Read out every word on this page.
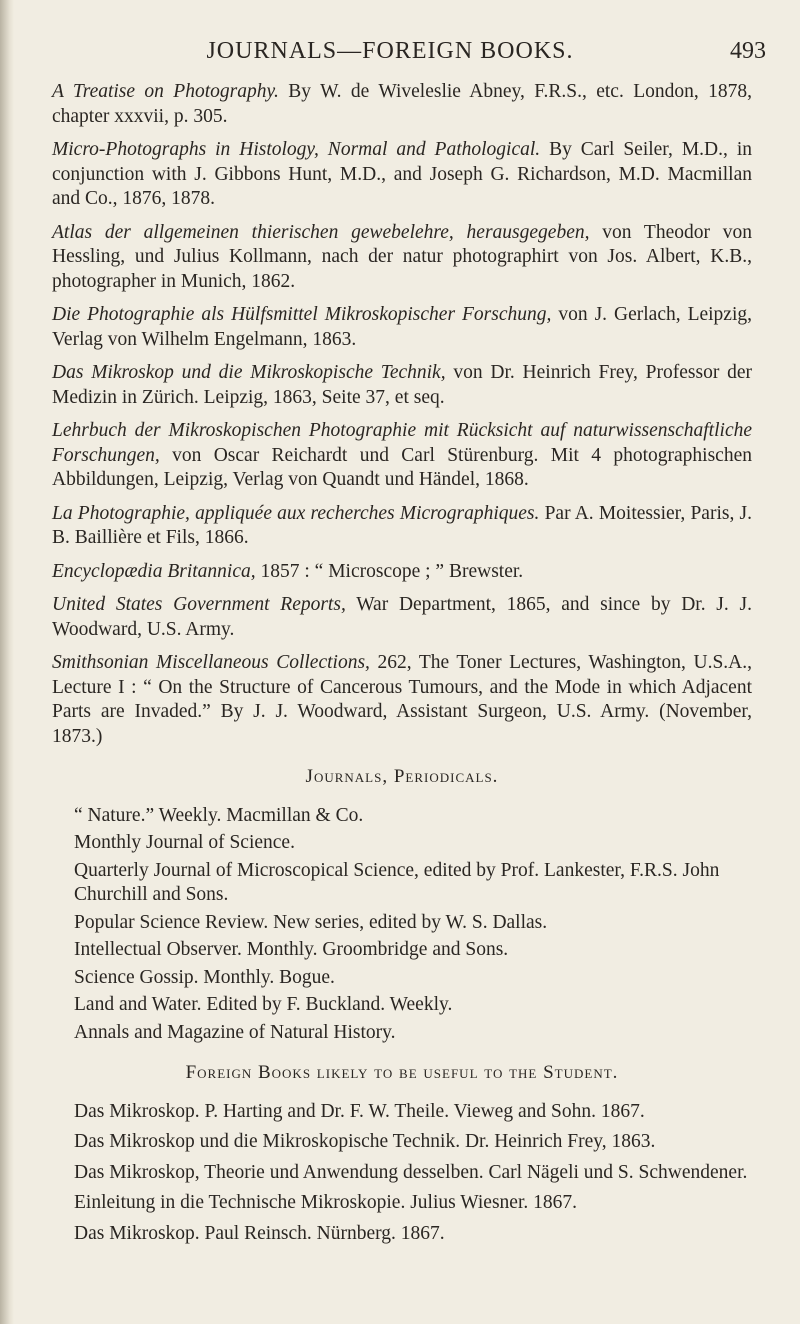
JOURNALS—FOREIGN BOOKS.	493

A Treatise on Photography. By W. de Wiveleslie Abney, F.R.S., etc. London, 1878, chapter xxxvii, p. 305.

Micro-Photographs in Histology, Normal and Pathological. By Carl Seiler, M.D., in conjunction with J. Gibbons Hunt, M.D., and Joseph G. Richardson, M.D. Macmillan and Co., 1876, 1878.

Atlas der allgemeinen thierischen gewebelehre, herausgegeben, von Theodor von Hessling, und Julius Kollmann, nach der natur photographirt von Jos. Albert, K.B., photographer in Munich, 1862.

Die Photographie als Hülfsmittel Mikroskopischer Forschung, von J. Gerlach, Leipzig, Verlag von Wilhelm Engelmann, 1863.

Das Mikroskop und die Mikroskopische Technik, von Dr. Heinrich Frey, Professor der Medizin in Zürich. Leipzig, 1863, Seite 37, et seq.

Lehrbuch der Mikroskopischen Photographie mit Rücksicht auf naturwissenschaftliche Forschungen, von Oscar Reichardt und Carl Stürenburg. Mit 4 photographischen Abbildungen, Leipzig, Verlag von Quandt und Händel, 1868.

La Photographie, appliquée aux recherches Micrographiques. Par A. Moitessier, Paris, J. B. Baillière et Fils, 1866.

Encyclopædia Britannica, 1857 : “ Microscope ; ” Brewster.

United States Government Reports, War Department, 1865, and since by Dr. J. J. Woodward, U.S. Army.

Smithsonian Miscellaneous Collections, 262, The Toner Lectures, Washington, U.S.A., Lecture I : “ On the Structure of Cancerous Tumours, and the Mode in which Adjacent Parts are Invaded.” By J. J. Woodward, Assistant Surgeon, U.S. Army. (November, 1873.)

Journals, Periodicals.

“ Nature.” Weekly. Macmillan & Co.

Monthly Journal of Science.

Quarterly Journal of Microscopical Science, edited by Prof. Lankester, F.R.S. John Churchill and Sons.

Popular Science Review. New series, edited by W. S. Dallas.

Intellectual Observer. Monthly. Groombridge and Sons.

Science Gossip. Monthly. Bogue.

Land and Water. Edited by F. Buckland. Weekly.

Annals and Magazine of Natural History.

Foreign Books likely to be useful to the Student.

Das Mikroskop. P. Harting and Dr. F. W. Theile. Vieweg and Sohn. 1867.

Das Mikroskop und die Mikroskopische Technik. Dr. Heinrich Frey, 1863.

Das Mikroskop, Theorie und Anwendung desselben. Carl Nägeli und S. Schwendener.

Einleitung in die Technische Mikroskopie. Julius Wiesner. 1867.

Das Mikroskop. Paul Reinsch. Nürnberg. 1867.
